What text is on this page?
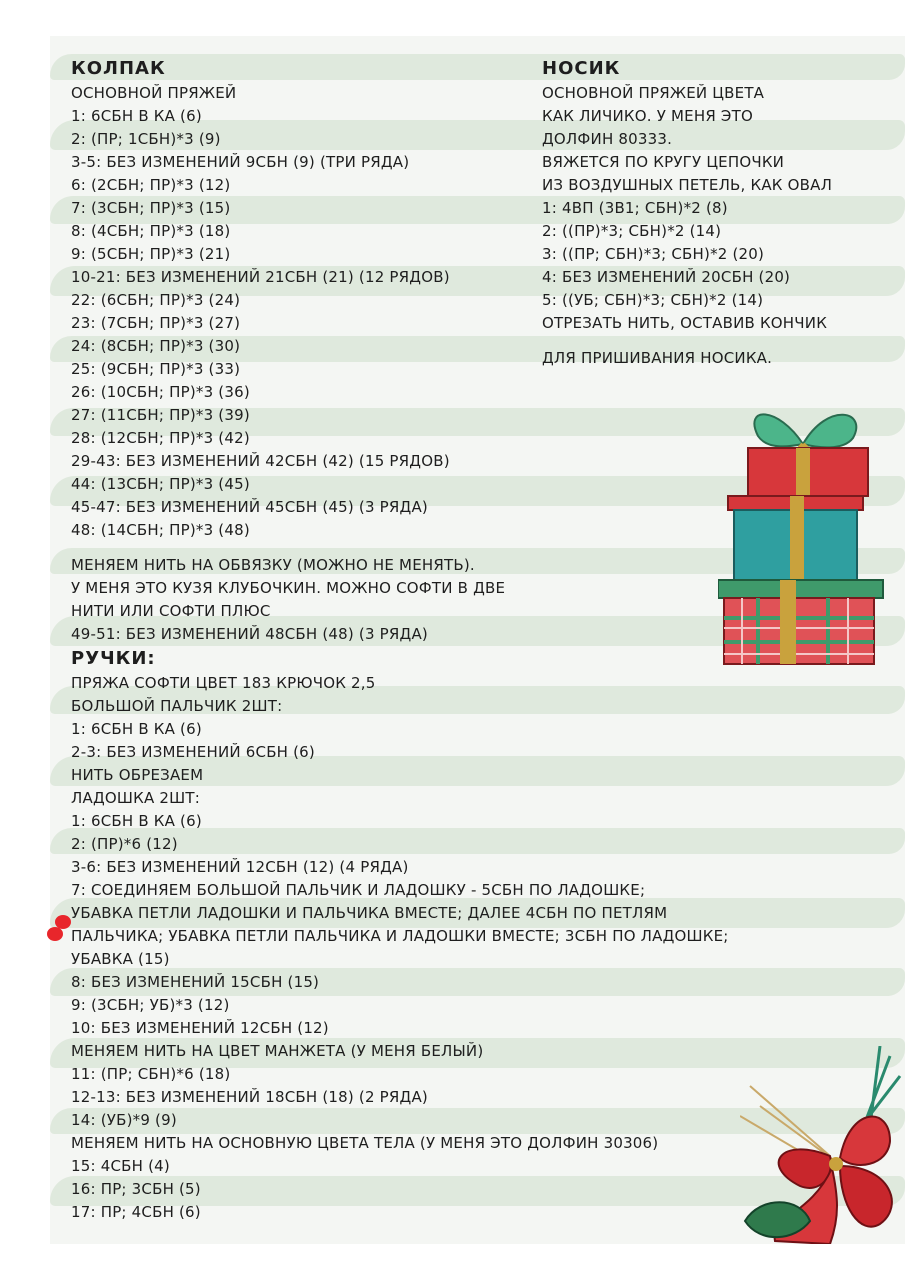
КОЛПАК
ОСНОВНОЙ ПРЯЖЕЙ
1: 6СБН В КА (6)
2: (ПР; 1СБН)*3 (9)
3-5: БЕЗ ИЗМЕНЕНИЙ 9СБН (9) (ТРИ РЯДА)
6: (2СБН; ПР)*3 (12)
7: (3СБН; ПР)*3 (15)
8: (4СБН; ПР)*3 (18)
9: (5СБН; ПР)*3 (21)
10-21: БЕЗ ИЗМЕНЕНИЙ 21СБН (21) (12 РЯДОВ)
22: (6СБН; ПР)*3 (24)
23: (7СБН; ПР)*3 (27)
24: (8СБН; ПР)*3 (30)
25: (9СБН; ПР)*3 (33)
26: (10СБН; ПР)*3 (36)
27: (11СБН; ПР)*3 (39)
28: (12СБН; ПР)*3 (42)
29-43: БЕЗ ИЗМЕНЕНИЙ 42СБН (42) (15 РЯДОВ)
44: (13СБН; ПР)*3 (45)
45-47: БЕЗ ИЗМЕНЕНИЙ 45СБН (45) (3 РЯДА)
48: (14СБН; ПР)*3 (48)
МЕНЯЕМ НИТЬ НА ОБВЯЗКУ (МОЖНО НЕ МЕНЯТЬ).
У МЕНЯ ЭТО КУЗЯ КЛУБОЧКИН. МОЖНО СОФТИ В ДВЕ
НИТИ ИЛИ СОФТИ ПЛЮС
49-51: БЕЗ ИЗМЕНЕНИЙ 48СБН (48) (3 РЯДА)
РУЧКИ:
ПРЯЖА СОФТИ ЦВЕТ 183 КРЮЧОК 2,5
БОЛЬШОЙ ПАЛЬЧИК 2ШТ:
1: 6СБН В КА (6)
2-3: БЕЗ ИЗМЕНЕНИЙ 6СБН (6)
НИТЬ ОБРЕЗАЕМ
ЛАДОШКА 2ШТ:
1: 6СБН В КА (6)
2: (ПР)*6 (12)
3-6: БЕЗ ИЗМЕНЕНИЙ 12СБН (12) (4 РЯДА)
7: СОЕДИНЯЕМ БОЛЬШОЙ ПАЛЬЧИК И ЛАДОШКУ - 5СБН ПО ЛАДОШКЕ;
УБАВКА ПЕТЛИ ЛАДОШКИ И ПАЛЬЧИКА ВМЕСТЕ; ДАЛЕЕ 4СБН ПО ПЕТЛЯМ
ПАЛЬЧИКА; УБАВКА ПЕТЛИ ПАЛЬЧИКА И ЛАДОШКИ ВМЕСТЕ; 3СБН ПО ЛАДОШКЕ;
УБАВКА (15)
8: БЕЗ ИЗМЕНЕНИЙ 15СБН (15)
9: (3СБН; УБ)*3 (12)
10: БЕЗ ИЗМЕНЕНИЙ 12СБН (12)
МЕНЯЕМ НИТЬ НА ЦВЕТ МАНЖЕТА (У МЕНЯ БЕЛЫЙ)
11: (ПР; СБН)*6 (18)
12-13: БЕЗ ИЗМЕНЕНИЙ 18СБН (18) (2 РЯДА)
14: (УБ)*9 (9)
МЕНЯЕМ НИТЬ НА ОСНОВНУЮ ЦВЕТА ТЕЛА (У МЕНЯ ЭТО ДОЛФИН 30306)
15: 4СБН (4)
16: ПР; 3СБН (5)
17: ПР; 4СБН (6)
НОСИК
ОСНОВНОЙ ПРЯЖЕЙ ЦВЕТА
КАК ЛИЧИКО. У МЕНЯ ЭТО
ДОЛФИН 80333.
ВЯЖЕТСЯ ПО КРУГУ ЦЕПОЧКИ
ИЗ ВОЗДУШНЫХ ПЕТЕЛЬ, КАК ОВАЛ
1: 4ВП (3В1; СБН)*2 (8)
2: ((ПР)*3; СБН)*2 (14)
3: ((ПР; СБН)*3; СБН)*2 (20)
4: БЕЗ ИЗМЕНЕНИЙ 20СБН (20)
5: ((УБ; СБН)*3; СБН)*2 (14)
ОТРЕЗАТЬ НИТЬ, ОСТАВИВ КОНЧИК
ДЛЯ ПРИШИВАНИЯ НОСИКА.
